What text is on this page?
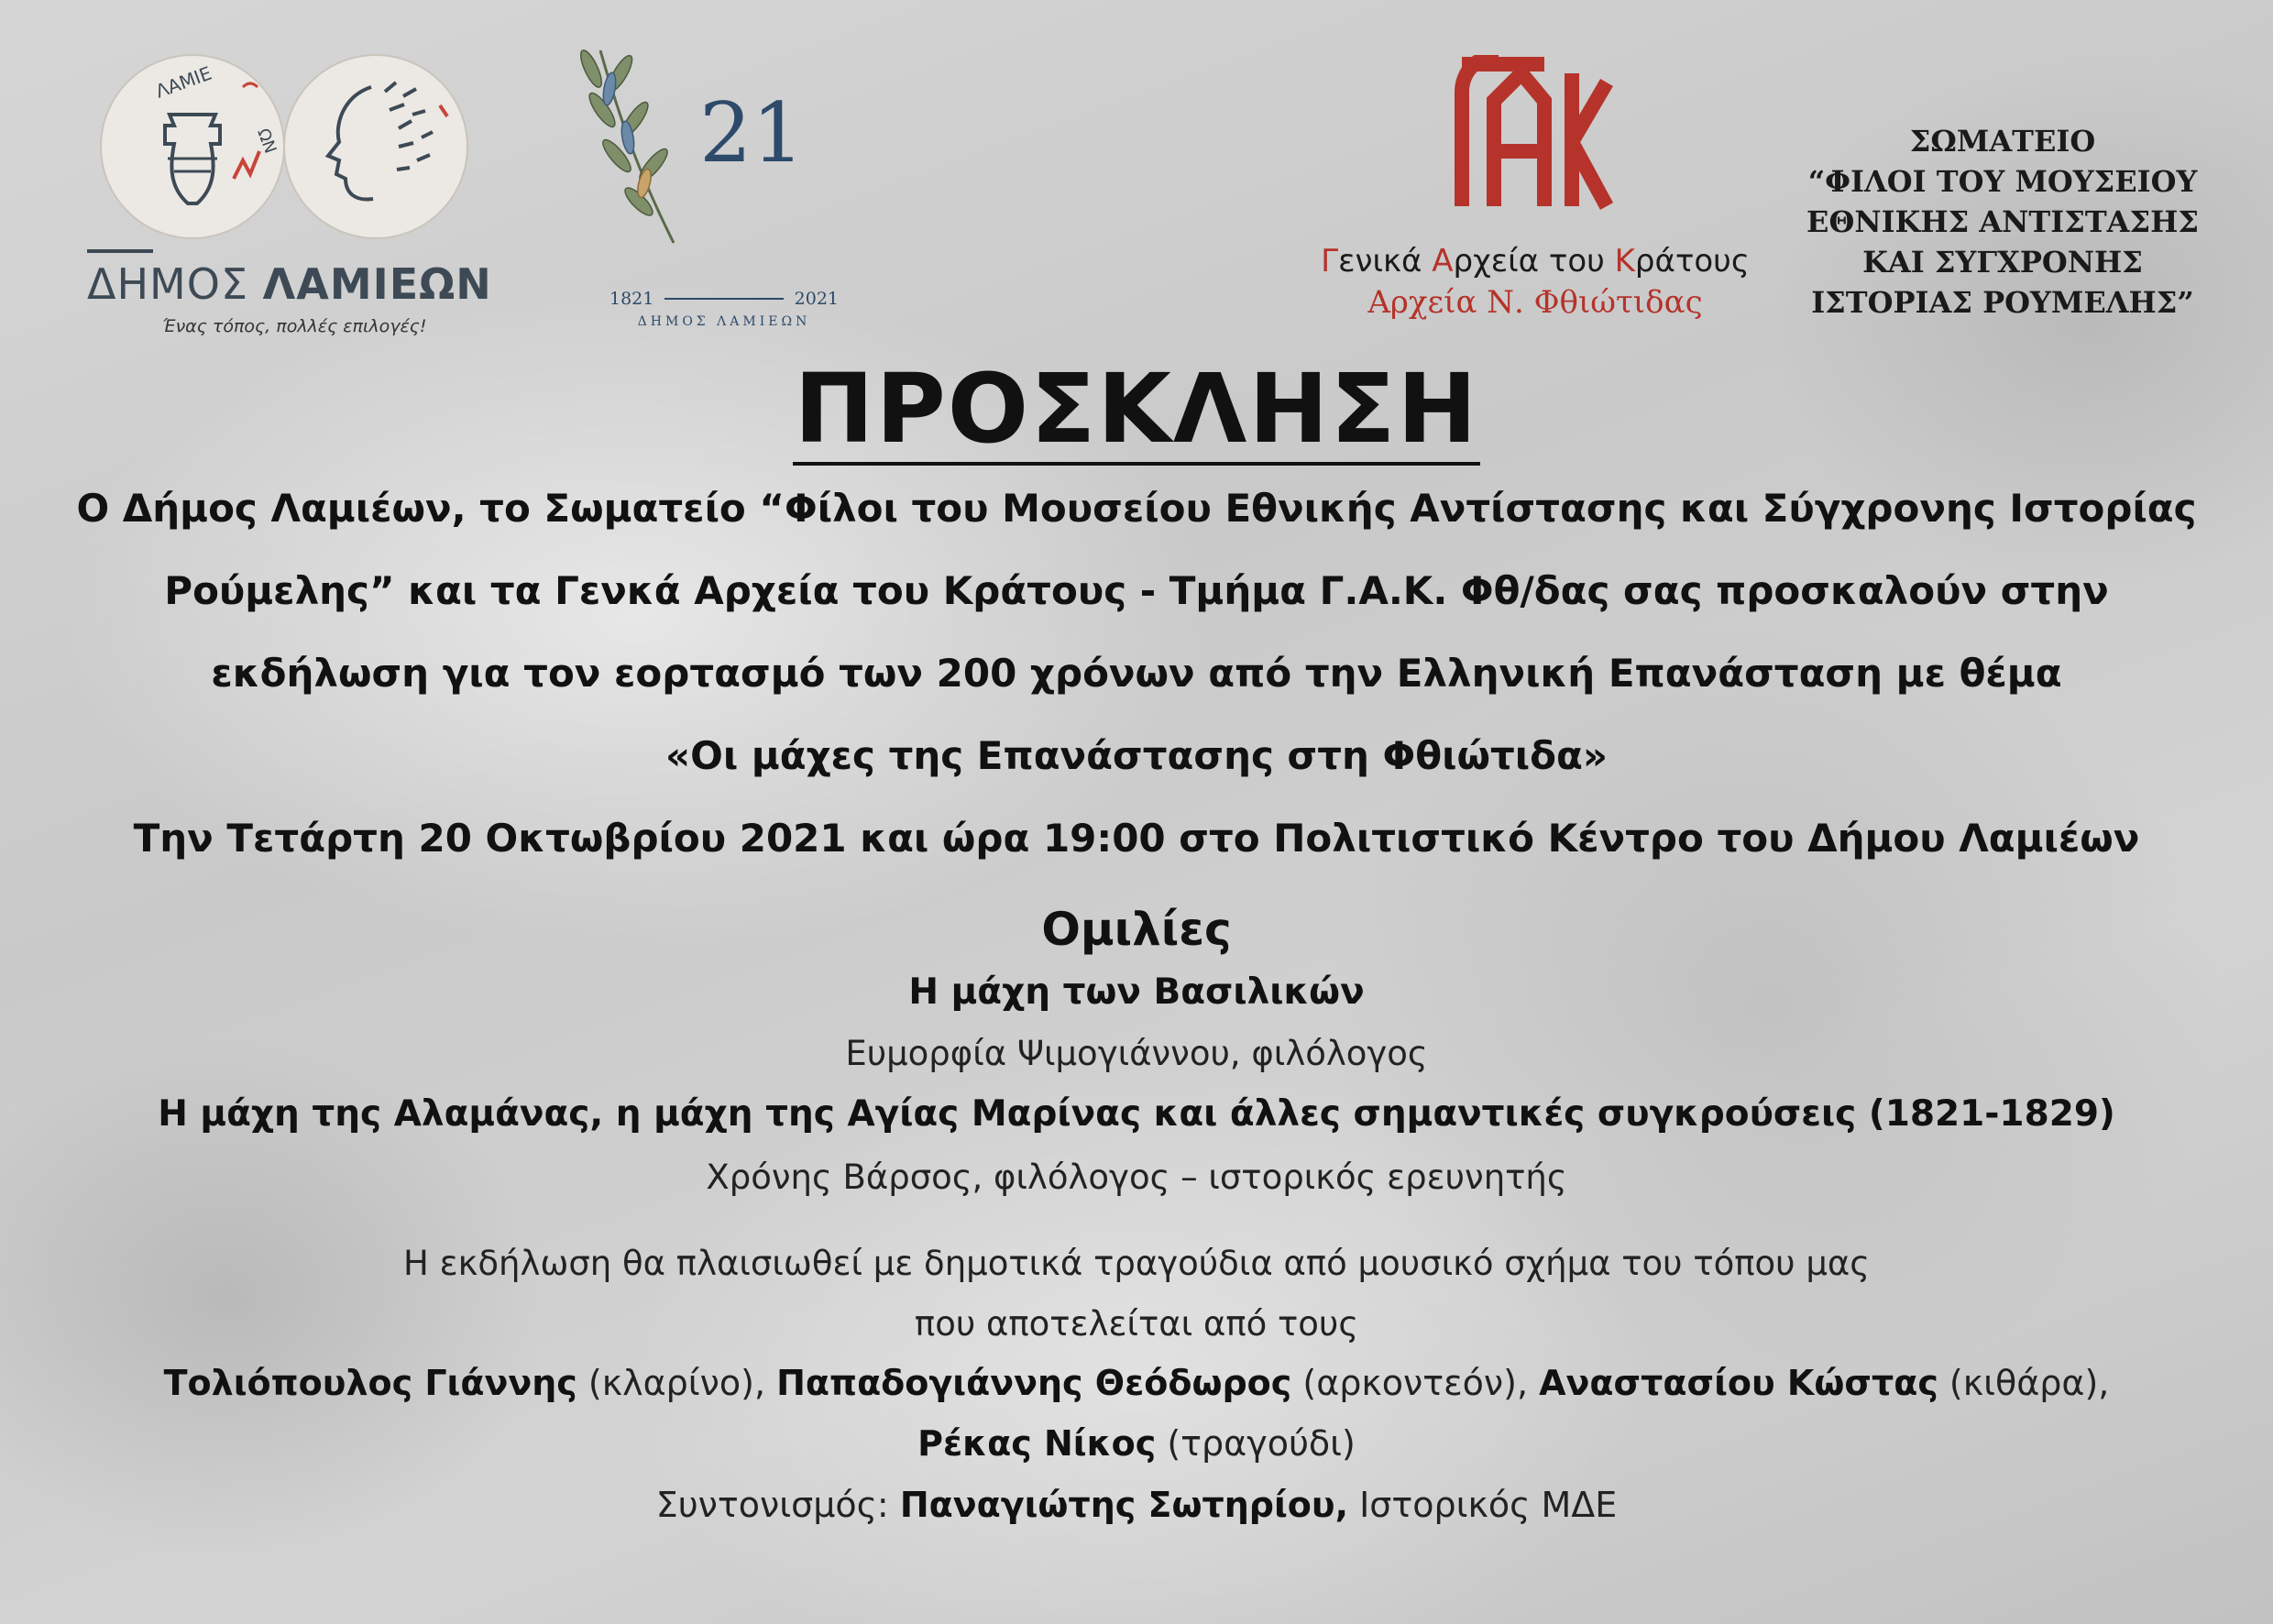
ΛΑΜΙΕ
ΩΝ
ΔΗΜΟΣ ΛΑΜΙΕΩΝ
Ένας τόπος, πολλές επιλογές!
21
1821	2021
ΔΗΜΟΣ ΛΑΜΙΕΩΝ
Γενικά Αρχεία του Κράτους
Αρχεία Ν. Φθιώτιδας
ΣΩΜΑΤΕΙΟ
“ΦΙΛΟΙ ΤΟΥ ΜΟΥΣΕΙΟΥ
ΕΘΝΙΚΗΣ ΑΝΤΙΣΤΑΣΗΣ
ΚΑΙ ΣΥΓΧΡΟΝΗΣ
ΙΣΤΟΡΙΑΣ ΡΟΥΜΕΛΗΣ”
ΠΡΟΣΚΛΗΣΗ
Ο Δήμος Λαμιέων, το Σωματείο “Φίλοι του Μουσείου Εθνικής Αντίστασης και Σύγχρονης Ιστορίας
Ρούμελης” και τα Γενκά Αρχεία του Κράτους - Τμήμα Γ.Α.Κ. Φθ/δας σας προσκαλούν στην
εκδήλωση για τον εορτασμό των 200 χρόνων από την Ελληνική Επανάσταση με θέμα
«Οι μάχες της Επανάστασης στη Φθιώτιδα»
Την Τετάρτη 20 Οκτωβρίου 2021 και ώρα 19:00 στο Πολιτιστικό Κέντρο του Δήμου Λαμιέων
Ομιλίες
Η μάχη των Βασιλικών
Ευμορφία Ψιμογιάννου, φιλόλογος
Η μάχη της Αλαμάνας, η μάχη της Αγίας Μαρίνας και άλλες σημαντικές συγκρούσεις (1821-1829)
Χρόνης Βάρσος, φιλόλογος – ιστορικός ερευνητής
Η εκδήλωση θα πλαισιωθεί με δημοτικά τραγούδια από μουσικό σχήμα του τόπου μας
που αποτελείται από τους
Τολιόπουλος Γιάννης (κλαρίνο), Παπαδογιάννης Θεόδωρος (αρκοντεόν), Αναστασίου Κώστας (κιθάρα),
Ρέκας Νίκος (τραγούδι)
Συντονισμός: Παναγιώτης Σωτηρίου, Ιστορικός ΜΔΕ
